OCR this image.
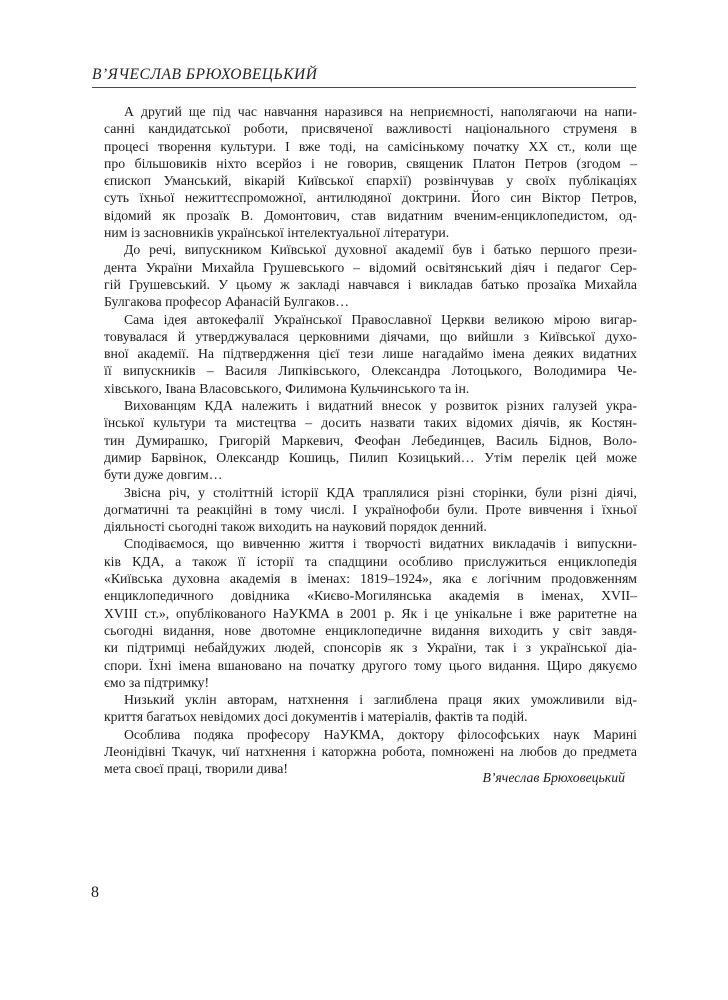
В’ЯЧЕСЛАВ БРЮХОВЕЦЬКИЙ
А другий ще під час навчання наразився на неприємності, наполягаючи на напи-
санні кандидатської роботи, присвяченої важливості національного струменя в
процесі творення культури. І вже тоді, на самісінькому початку XX ст., коли ще
про більшовиків ніхто всерйоз і не говорив, священик Платон Петров (згодом –
єпископ Уманський, вікарій Київської єпархії) розвінчував у своїх публікаціях
суть їхньої нежиттєспроможної, антилюдяної доктрини. Його син Віктор Петров,
відомий як прозаїк В. Домонтович, став видатним вченим-енциклопедистом, од-
ним із засновників української інтелектуальної літератури.
До речі, випускником Київської духовної академії був і батько першого прези-
дента України Михайла Грушевського – відомий освітянський діяч і педагог Сер-
гій Грушевський. У цьому ж закладі навчався і викладав батько прозаїка Михайла
Булгакова професор Афанасій Булгаков…
Сама ідея автокефалії Української Православної Церкви великою мірою вигар-
товувалася й утверджувалася церковними діячами, що вийшли з Київської духо-
вної академії. На підтвердження цієї тези лише нагадаймо імена деяких видатних
її випускників – Василя Липківського, Олександра Лотоцького, Володимира Че-
хівського, Івана Власовського, Филимона Кульчинського та ін.
Вихованцям КДА належить і видатний внесок у розвиток різних галузей укра-
їнської культури та мистецтва – досить назвати таких відомих діячів, як Костян-
тин Думирашко, Григорій Маркевич, Феофан Лебединцев, Василь Біднов, Воло-
димир Барвінок, Олександр Кошиць, Пилип Козицький… Утім перелік цей може
бути дуже довгим…
Звісна річ, у століттній історії КДА траплялися різні сторінки, були різні діячі,
догматичні та реакційні в тому числі. І українофоби були. Проте вивчення і їхньої
діяльності сьогодні також виходить на науковий порядок денний.
Сподіваємося, що вивченню життя і творчості видатних викладачів і випускни-
ків КДА, а також її історії та спадщини особливо прислужиться енциклопедія
«Київська духовна академія в іменах: 1819–1924», яка є логічним продовженням
енциклопедичного довідника «Києво-Могилянська академія в іменах, XVII–
XVIII ст.», опублікованого НаУКМА в 2001 р. Як і це унікальне і вже раритетне на
сьогодні видання, нове двотомне енциклопедичне видання виходить у світ завдя-
ки підтримці небайдужих людей, спонсорів як з України, так і з української діа-
спори. Їхні імена вшановано на початку другого тому цього видання. Щиро дякуємо
ємо за підтримку!
Низький уклін авторам, натхнення і заглиблена праця яких уможливили від-
криття багатьох невідомих досі документів і матеріалів, фактів та подій.
Особлива подяка професору НаУКМА, доктору філософських наук Марині
Леонідівні Ткачук, чиї натхнення і каторжна робота, помножені на любов до предмета
мета своєї праці, творили дива!
В’ячеслав Брюховецький
8
